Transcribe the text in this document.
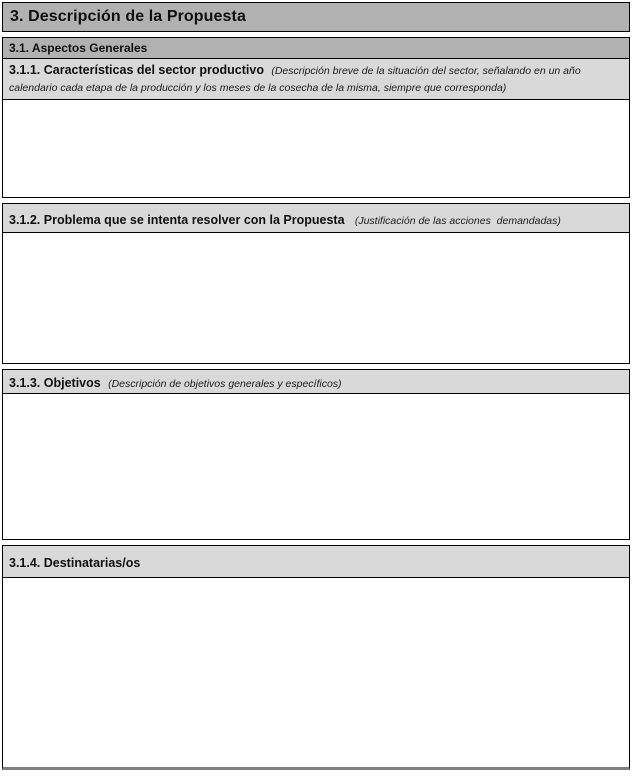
3. Descripción de la Propuesta
3.1. Aspectos Generales
3.1.1. Características del sector productivo (Descripción breve de la situación del sector, señalando en un año calendario cada etapa de la producción y los meses de la cosecha de la misma, siempre que corresponda)
3.1.2. Problema que se intenta resolver con la Propuesta (Justificación de las acciones  demandadas)
3.1.3. Objetivos (Descripción de objetivos generales y específicos)
3.1.4. Destinatarias/os
